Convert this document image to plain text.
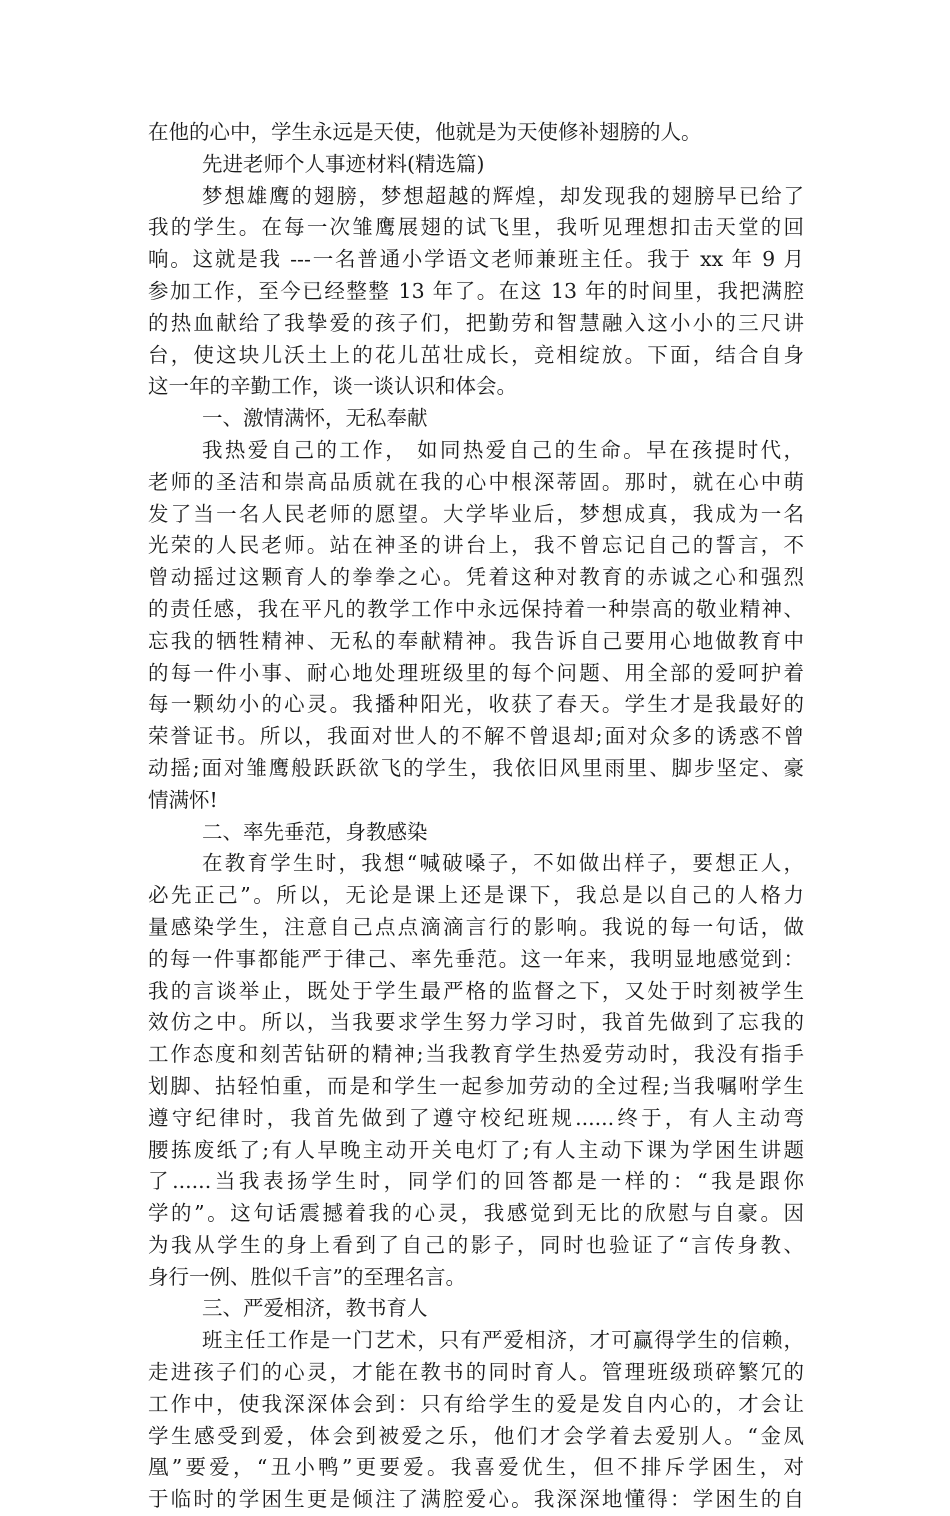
在他的心中，学生永远是天使，他就是为天使修补翅膀的人。
先进老师个人事迹材料(精选篇)
梦想雄鹰的翅膀，梦想超越的辉煌，却发现我的翅膀早已给了
我的学生。在每一次雏鹰展翅的试飞里，我听见理想扣击天堂的回
响。这就是我 ---一名普通小学语文老师兼班主任。我于 xx 年 9 月
参加工作，至今已经整整 13 年了。在这 13 年的时间里，我把满腔
的热血献给了我挚爱的孩子们，把勤劳和智慧融入这小小的三尺讲
台，使这块儿沃土上的花儿茁壮成长，竞相绽放。下面，结合自身
这一年的辛勤工作，谈一谈认识和体会。
一、激情满怀，无私奉献
我热爱自己的工作， 如同热爱自己的生命。早在孩提时代，
老师的圣洁和崇高品质就在我的心中根深蒂固。那时，就在心中萌
发了当一名人民老师的愿望。大学毕业后，梦想成真，我成为一名
光荣的人民老师。站在神圣的讲台上，我不曾忘记自己的誓言，不
曾动摇过这颗育人的拳拳之心。凭着这种对教育的赤诚之心和强烈
的责任感，我在平凡的教学工作中永远保持着一种崇高的敬业精神、
忘我的牺牲精神、无私的奉献精神。我告诉自己要用心地做教育中
的每一件小事、耐心地处理班级里的每个问题、用全部的爱呵护着
每一颗幼小的心灵。我播种阳光，收获了春天。学生才是我最好的
荣誉证书。所以，我面对世人的不解不曾退却;面对众多的诱惑不曾
动摇;面对雏鹰般跃跃欲飞的学生，我依旧风里雨里、脚步坚定、豪
情满怀!
二、率先垂范，身教感染
在教育学生时，我想“喊破嗓子，不如做出样子，要想正人，
必先正己”。所以，无论是课上还是课下，我总是以自己的人格力
量感染学生，注意自己点点滴滴言行的影响。我说的每一句话，做
的每一件事都能严于律己、率先垂范。这一年来，我明显地感觉到：
我的言谈举止，既处于学生最严格的监督之下，又处于时刻被学生
效仿之中。所以，当我要求学生努力学习时，我首先做到了忘我的
工作态度和刻苦钻研的精神;当我教育学生热爱劳动时，我没有指手
划脚、拈轻怕重，而是和学生一起参加劳动的全过程;当我嘱咐学生
遵守纪律时，我首先做到了遵守校纪班规......终于，有人主动弯
腰拣废纸了;有人早晚主动开关电灯了;有人主动下课为学困生讲题
了......当我表扬学生时，同学们的回答都是一样的：“我是跟你
学的”。这句话震撼着我的心灵，我感觉到无比的欣慰与自豪。因
为我从学生的身上看到了自己的影子，同时也验证了“言传身教、
身行一例、胜似千言”的至理名言。
三、严爱相济，教书育人
班主任工作是一门艺术，只有严爱相济，才可赢得学生的信赖，
走进孩子们的心灵，才能在教书的同时育人。管理班级琐碎繁冗的
工作中，使我深深体会到：只有给学生的爱是发自内心的，才会让
学生感受到爱，体会到被爱之乐，他们才会学着去爱别人。“金凤
凰”要爱，“丑小鸭”更要爱。我喜爱优生，但不排斥学困生，对
于临时的学困生更是倾注了满腔爱心。我深深地懂得：学困生的自
